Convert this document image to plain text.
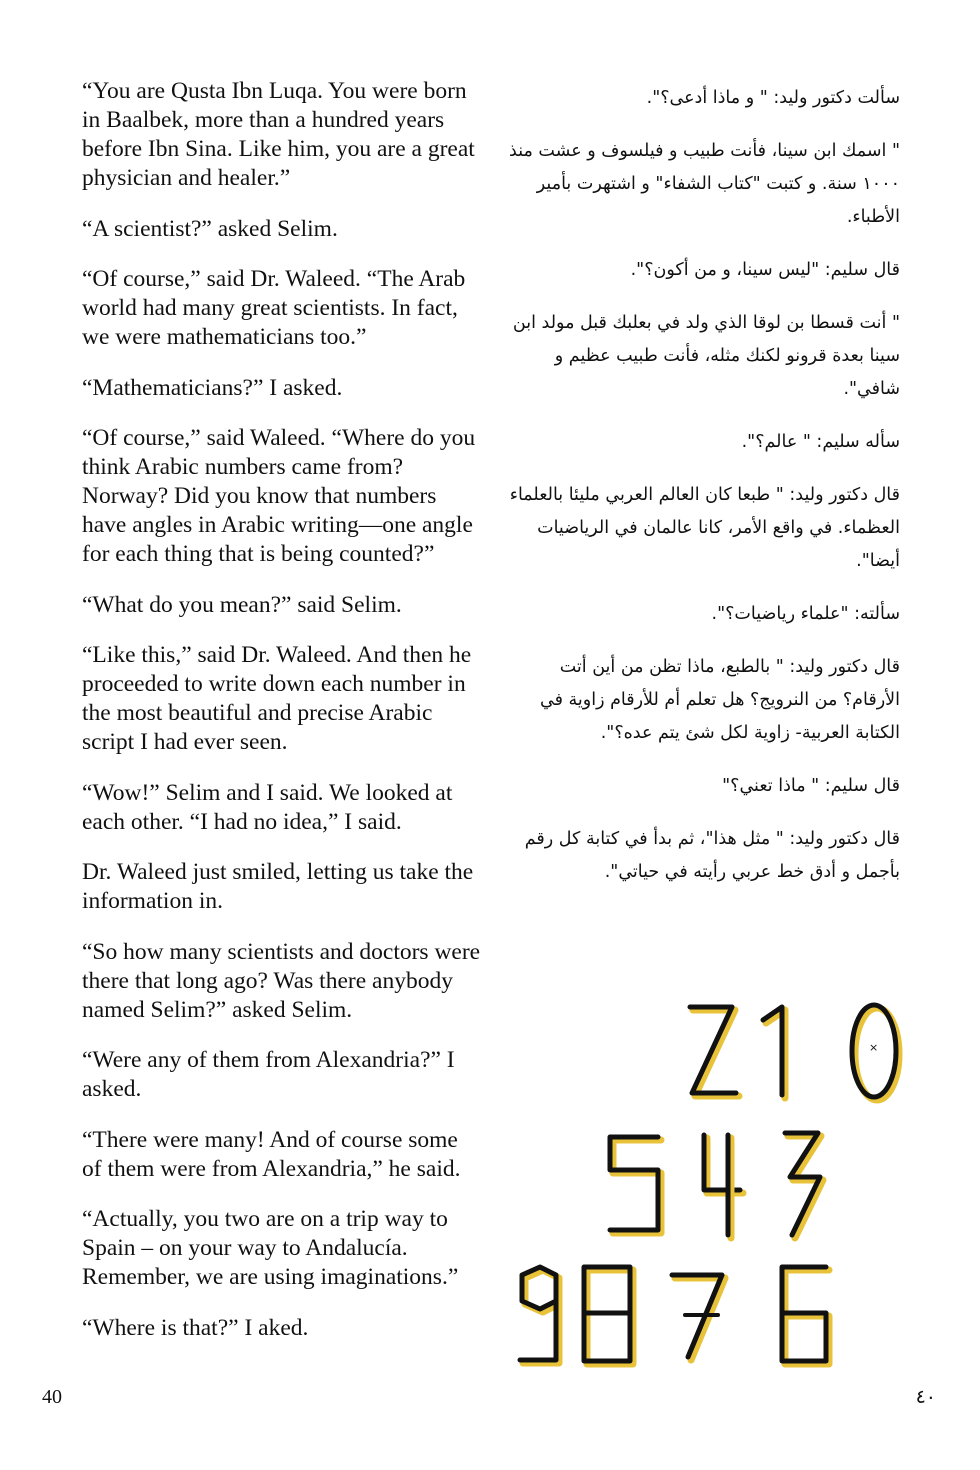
“You are Qusta Ibn Luqa. You were born in Baalbek, more than a hundred years before Ibn Sina. Like him, you are a great physician and healer.”

“A scientist?” asked Selim.

“Of course,” said Dr. Waleed. “The Arab world had many great scientists. In fact, we were mathematicians too.”

“Mathematicians?” I asked.

“Of course,” said Waleed. “Where do you think Arabic numbers came from? Norway? Did you know that numbers have angles in Arabic writing—one angle for each thing that is being counted?”

“What do you mean?” said Selim.

“Like this,” said Dr. Waleed. And then he proceeded to write down each number in the most beautiful and precise Arabic script I had ever seen.

“Wow!” Selim and I said. We looked at each other. “I had no idea,” I said.

Dr. Waleed just smiled, letting us take the information in.

“So how many scientists and doctors were there that long ago? Was there anybody named Selim?” asked Selim.

“Were any of them from Alexandria?” I asked.

“There were many! And of course some of them were from Alexandria,” he said.

“Actually, you two are on a trip way to Spain – on your way to Andalucía. Remember, we are using imaginations.”

“Where is that?” I aked.

سألت دكتور وليد: " و ماذا أدعى؟".

" اسمك ابن سينا، فأنت طبيب و فيلسوف و عشت منذ ١٠٠٠ سنة. و كتبت "كتاب الشفاء" و اشتهرت بأمير الأطباء.

قال سليم: "ليس سينا، و من أكون؟".

" أنت قسطا بن لوقا الذي ولد في بعلبك قبل مولد ابن سينا بعدة قرونو لكنك مثله، فأنت طبيب عظيم و شافي".

سأله سليم: " عالم؟".

قال دكتور وليد: " طبعا كان العالم العربي مليئا بالعلماء العظماء. في واقع الأمر، كانا عالمان في الرياضيات أيضا".

سألته: "علماء رياضيات؟".

قال دكتور وليد: " بالطبع، ماذا تظن من أين أتت الأرقام؟ من النرويج؟ هل تعلم أم للأرقام زاوية في الكتابة العربية- زاوية لكل شئ يتم عده؟".

قال سليم: " ماذا تعني؟"

قال دكتور وليد: " مثل هذا"، ثم بدأ في كتابة كل رقم بأجمل و أدق خط عربي رأيته في حياتي".

×
40	٤٠
